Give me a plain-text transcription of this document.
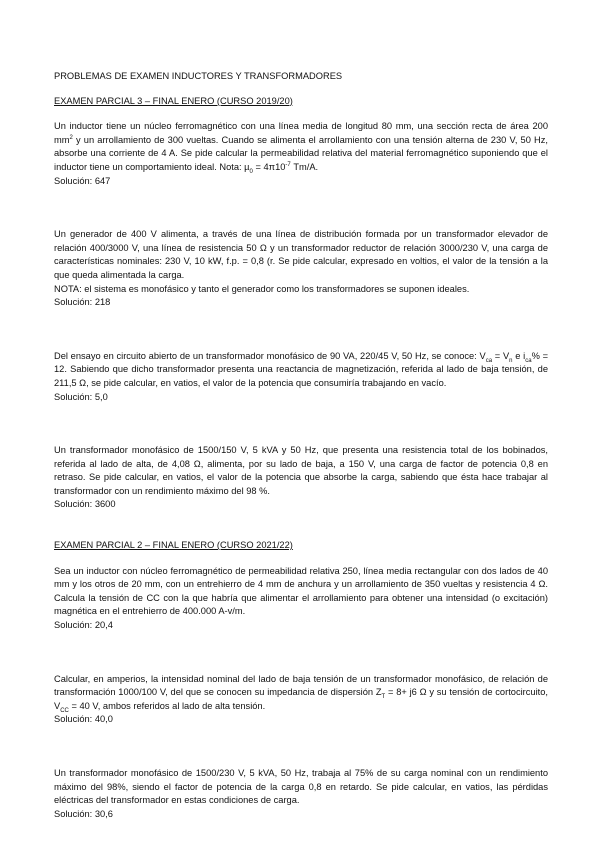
PROBLEMAS DE EXAMEN INDUCTORES Y TRANSFORMADORES
EXAMEN PARCIAL 3 – FINAL ENERO (CURSO 2019/20)

Un inductor tiene un núcleo ferromagnético con una línea media de longitud 80 mm, una sección recta de área 200 $mm^2$ y un arrollamiento de 300 vueltas. Cuando se alimenta el arrollamiento con una tensión alterna de 230 V, 50 Hz, absorbe una corriente de 4 A. Se pide calcular la permeabilidad relativa del material ferromagnético suponiendo que el inductor tiene un comportamiento ideal. Nota: $\mu_0 = 4\pi 10^{-7}$ Tm/A.

Solución: 647

Un generador de 400 V alimenta, a través de una línea de distribución formada por un transformador elevador de relación 400/3000 V, una línea de resistencia 50 Ω y un transformador reductor de relación 3000/230 V, una carga de características nominales: 230 V, 10 kW, f.p. = 0,8 (r. Se pide calcular, expresado en voltios, el valor de la tensión a la que queda alimentada la carga.

NOTA: el sistema es monofásico y tanto el generador como los transformadores se suponen ideales.

Solución: 218

Del ensayo en circuito abierto de un transformador monofásico de 90 VA, 220/45 V, 50 Hz, se conoce: $V_{ca} = V_n$ e $i_{ca}\% = 12$. Sabiendo que dicho transformador presenta una reactancia de magnetización, referida al lado de baja tensión, de 211,5 Ω, se pide calcular, en vatios, el valor de la potencia que consumiría trabajando en vacío.

Solución: 5,0

Un transformador monofásico de 1500/150 V, 5 kVA y 50 Hz, que presenta una resistencia total de los bobinados, referida al lado de alta, de 4,08 Ω, alimenta, por su lado de baja, a 150 V, una carga de factor de potencia 0,8 en retraso. Se pide calcular, en vatios, el valor de la potencia que absorbe la carga, sabiendo que ésta hace trabajar al transformador con un rendimiento máximo del 98 %.

Solución: 3600
EXAMEN PARCIAL 2 – FINAL ENERO (CURSO 2021/22)

Sea un inductor con núcleo ferromagnético de permeabilidad relativa 250, línea media rectangular con dos lados de 40 mm y los otros de 20 mm, con un entrehierro de 4 mm de anchura y un arrollamiento de 350 vueltas y resistencia 4 Ω. Calcula la tensión de CC con la que habría que alimentar el arrollamiento para obtener una intensidad (o excitación) magnética en el entrehierro de 400.000 A-v/m.

Solución: 20,4

Calcular, en amperios, la intensidad nominal del lado de baja tensión de un transformador monofásico, de relación de transformación 1000/100 V, del que se conocen su impedancia de dispersión $Z_T = 8+ j6$ Ω y su tensión de cortocircuito, $V_{CC} = 40$ V, ambos referidos al lado de alta tensión.

Solución: 40,0

Un transformador monofásico de 1500/230 V, 5 kVA, 50 Hz, trabaja al 75% de su carga nominal con un rendimiento máximo del 98%, siendo el factor de potencia de la carga 0,8 en retardo. Se pide calcular, en vatios, las pérdidas eléctricas del transformador en estas condiciones de carga.

Solución: 30,6
